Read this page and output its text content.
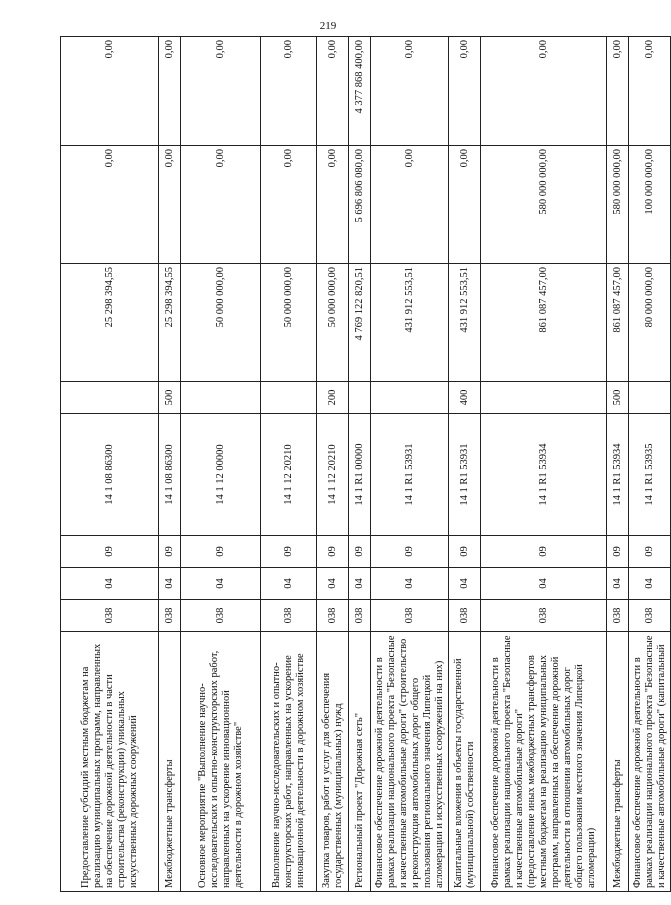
219
Предоставление субсидий местным бюджетам на реализацию муниципальных программ, направленных на обеспечение дорожной деятельности в части строительства (реконструкции) уникальных искусственных дорожных сооружений	038	04	09	14 1 08 86300		25 298 394,55	0,00	0,00
Межбюджетные трансферты	038	04	09	14 1 08 86300	500	25 298 394,55	0,00	0,00
Основное мероприятие "Выполнение научно-исследовательских и опытно-конструкторских работ, направленных на ускорение инновационной деятельности в дорожном хозяйстве"	038	04	09	14 1 12 00000		50 000 000,00	0,00	0,00
Выполнение научно-исследовательских и опытно-конструкторских работ, направленных на ускорение инновационной деятельности в дорожном хозяйстве	038	04	09	14 1 12 20210		50 000 000,00	0,00	0,00
Закупка товаров, работ и услуг для обеспечения государственных (муниципальных) нужд	038	04	09	14 1 12 20210	200	50 000 000,00	0,00	0,00
Региональный проект "Дорожная сеть"	038	04	09	14 1 R1 00000		4 769 122 820,51	5 696 806 080,00	4 377 868 400,00
Финансовое обеспечение дорожной деятельности в рамках реализации национального проекта "Безопасные и качественные автомобильные дороги" (строительство и реконструкция автомобильных дорог общего пользования регионального значения Липецкой агломерации и искусственных сооружений на них)	038	04	09	14 1 R1 53931		431 912 553,51	0,00	0,00
Капитальные вложения в объекты государственной (муниципальной) собственности	038	04	09	14 1 R1 53931	400	431 912 553,51	0,00	0,00
Финансовое обеспечение дорожной деятельности в рамках реализации национального проекта "Безопасные и качественные автомобильные дороги" (предоставление иных межбюджетных трансфертов местным бюджетам на реализацию муниципальных программ, направленных на обеспечение дорожной деятельности в отношении автомобильных дорог общего пользования местного значения Липецкой агломерации)	038	04	09	14 1 R1 53934		861 087 457,00	580 000 000,00	0,00
Межбюджетные трансферты	038	04	09	14 1 R1 53934	500	861 087 457,00	580 000 000,00	0,00
Финансовое обеспечение дорожной деятельности в рамках реализации национального проекта "Безопасные и качественные автомобильные дороги" (капитальный	038	04	09	14 1 R1 53935		80 000 000,00	100 000 000,00	0,00
